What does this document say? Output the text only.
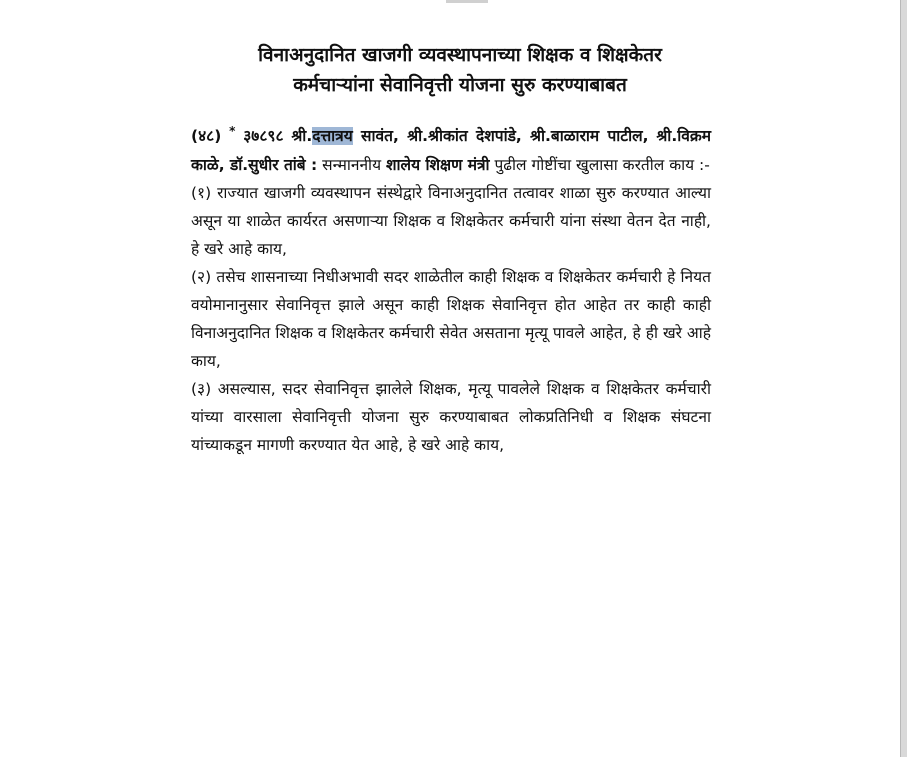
विनाअनुदानित खाजगी व्यवस्थापनाच्या शिक्षक व शिक्षकेतर
कर्मचाऱ्यांना सेवानिवृत्ती योजना सुरु करण्याबाबत

(४८) * ३७८९८ श्री.दत्तात्रय सावंत, श्री.श्रीकांत देशपांडे, श्री.बाळाराम पाटील, श्री.विक्रम काळे, डॉ.सुधीर तांबे : सन्माननीय शालेय शिक्षण मंत्री पुढील गोष्टींचा खुलासा करतील काय :-

(१) राज्यात खाजगी व्यवस्थापन संस्थेद्वारे विनाअनुदानित तत्वावर शाळा सुरु करण्यात आल्या असून या शाळेत कार्यरत असणाऱ्या शिक्षक व शिक्षकेतर कर्मचारी यांना संस्था वेतन देत नाही, हे खरे आहे काय,

(२) तसेच शासनाच्या निधीअभावी सदर शाळेतील काही शिक्षक व शिक्षकेतर कर्मचारी हे नियत वयोमानानुसार सेवानिवृत्त झाले असून काही शिक्षक सेवानिवृत्त होत आहेत तर काही काही विनाअनुदानित शिक्षक व शिक्षकेतर कर्मचारी सेवेत असताना मृत्यू पावले आहेत, हे ही खरे आहे काय,

(३) असल्यास, सदर सेवानिवृत्त झालेले शिक्षक, मृत्यू पावलेले शिक्षक व शिक्षकेतर कर्मचारी यांच्या वारसाला सेवानिवृत्ती योजना सुरु करण्याबाबत लोकप्रतिनिधी व शिक्षक संघटना यांच्याकडून मागणी करण्यात येत आहे, हे खरे आहे काय,
